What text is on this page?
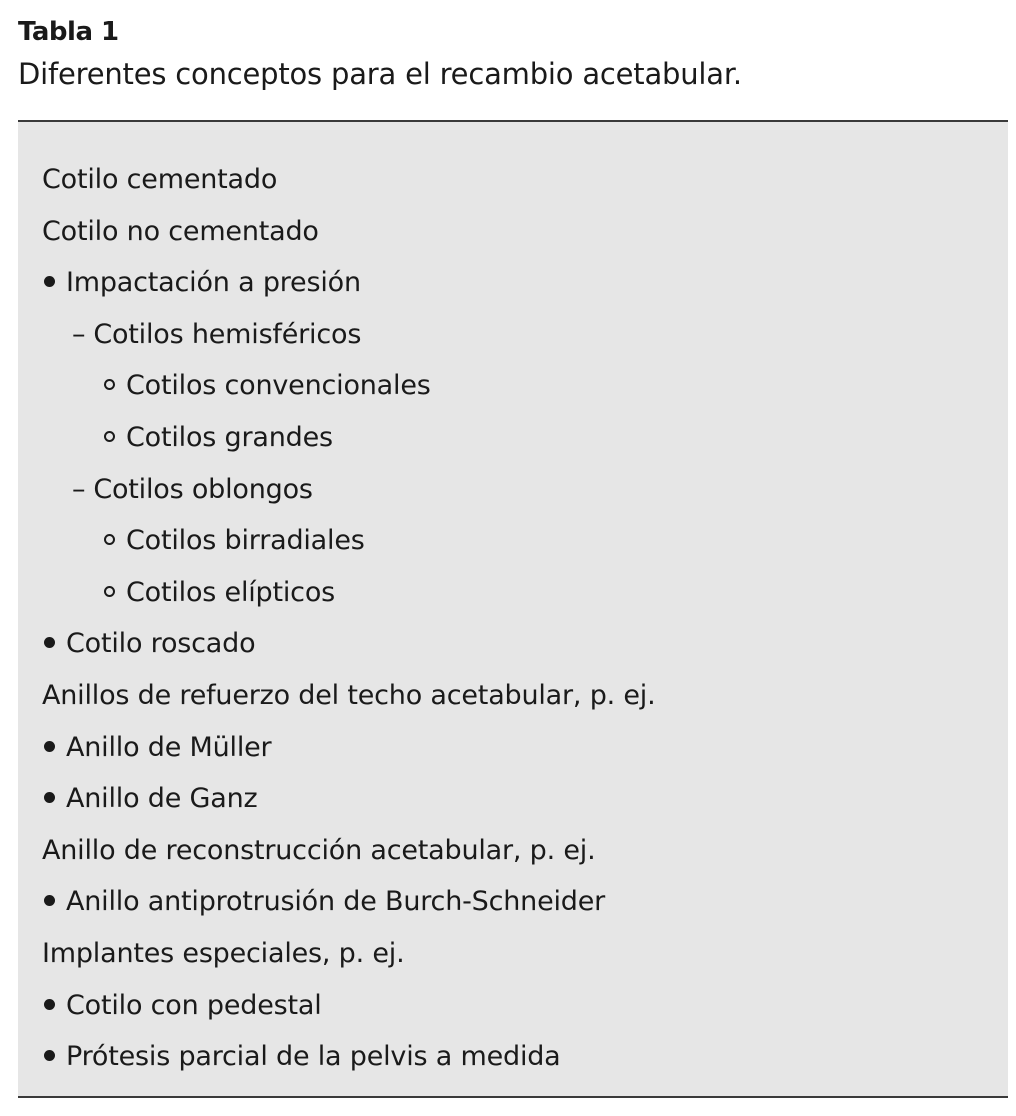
Tabla 1
Diferentes conceptos para el recambio acetabular.
Cotilo cementado
Cotilo no cementado
Impactación a presión
– Cotilos hemisféricos
Cotilos convencionales
Cotilos grandes
– Cotilos oblongos
Cotilos birradiales
Cotilos elípticos
Cotilo roscado
Anillos de refuerzo del techo acetabular, p. ej.
Anillo de Müller
Anillo de Ganz
Anillo de reconstrucción acetabular, p. ej.
Anillo antiprotrusión de Burch-Schneider
Implantes especiales, p. ej.
Cotilo con pedestal
Prótesis parcial de la pelvis a medida
